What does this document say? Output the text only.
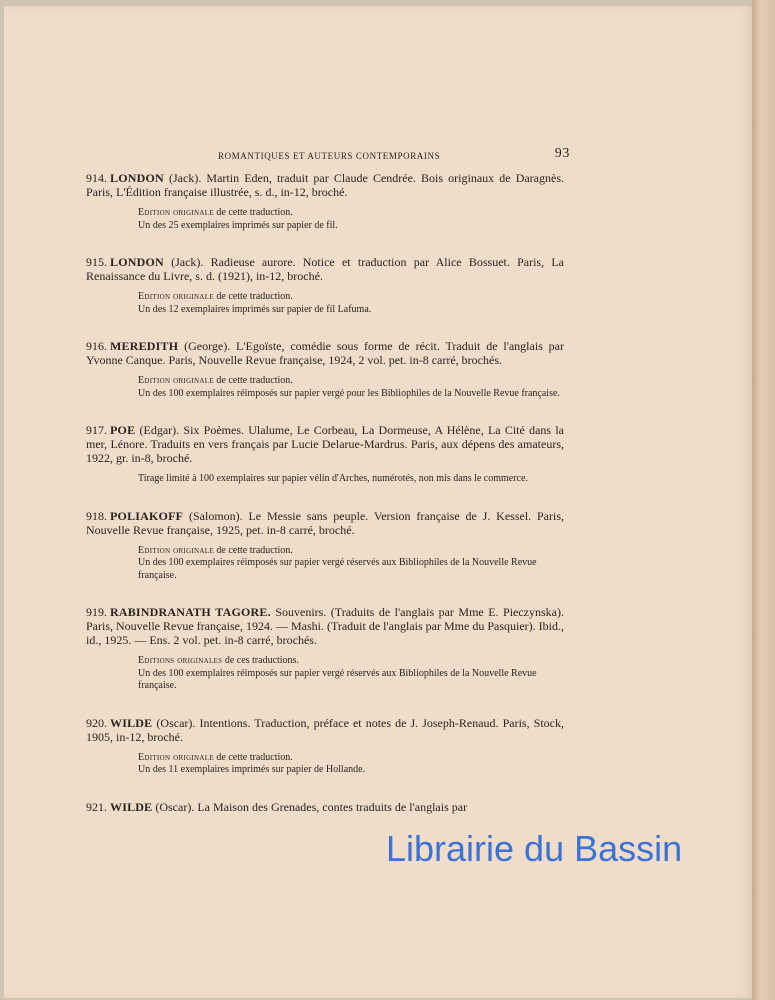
ROMANTIQUES ET AUTEURS CONTEMPORAINS	93
914. LONDON (Jack). Martin Eden, traduit par Claude Cendrée. Bois originaux de Daragnès. Paris, L'Édition française illustrée, s. d., in-12, broché.
Edition originale de cette traduction.
Un des 25 exemplaires imprimés sur papier de fil.
915. LONDON (Jack). Radieuse aurore. Notice et traduction par Alice Bossuet. Paris, La Renaissance du Livre, s. d. (1921), in-12, broché.
Edition originale de cette traduction.
Un des 12 exemplaires imprimés sur papier de fil Lafuma.
916. MEREDITH (George). L'Egoïste, comédie sous forme de récit. Traduit de l'anglais par Yvonne Canque. Paris, Nouvelle Revue française, 1924, 2 vol. pet. in-8 carré, brochés.
Edition originale de cette traduction.
Un des 100 exemplaires réimposés sur papier vergé pour les Bibliophiles de la Nouvelle Revue française.
917. POE (Edgar). Six Poèmes. Ulalume, Le Corbeau, La Dormeuse, A Hélène, La Cité dans la mer, Lénore. Traduits en vers français par Lucie Delarue-Mardrus. Paris, aux dépens des amateurs, 1922, gr. in-8, broché.
Tirage limité à 100 exemplaires sur papier vélin d'Arches, numérotés, non mis dans le commerce.
918. POLIAKOFF (Salomon). Le Messie sans peuple. Version française de J. Kessel. Paris, Nouvelle Revue française, 1925, pet. in-8 carré, broché.
Edition originale de cette traduction.
Un des 100 exemplaires réimposés sur papier vergé réservés aux Bibliophiles de la Nouvelle Revue française.
919. RABINDRANATH TAGORE. Souvenirs. (Traduits de l'anglais par Mme E. Pieczynska). Paris, Nouvelle Revue française, 1924. — Mashi. (Traduit de l'anglais par Mme du Pasquier). Ibid., id., 1925. — Ens. 2 vol. pet. in-8 carré, brochés.
Editions originales de ces traductions.
Un des 100 exemplaires réimposés sur papier vergé réservés aux Bibliophiles de la Nouvelle Revue française.
920. WILDE (Oscar). Intentions. Traduction, préface et notes de J. Joseph-Renaud. Paris, Stock, 1905, in-12, broché.
Edition originale de cette traduction.
Un des 11 exemplaires imprimés sur papier de Hollande.
921. WILDE (Oscar). La Maison des Grenades, contes traduits de l'anglais par
Librairie du Bassin
